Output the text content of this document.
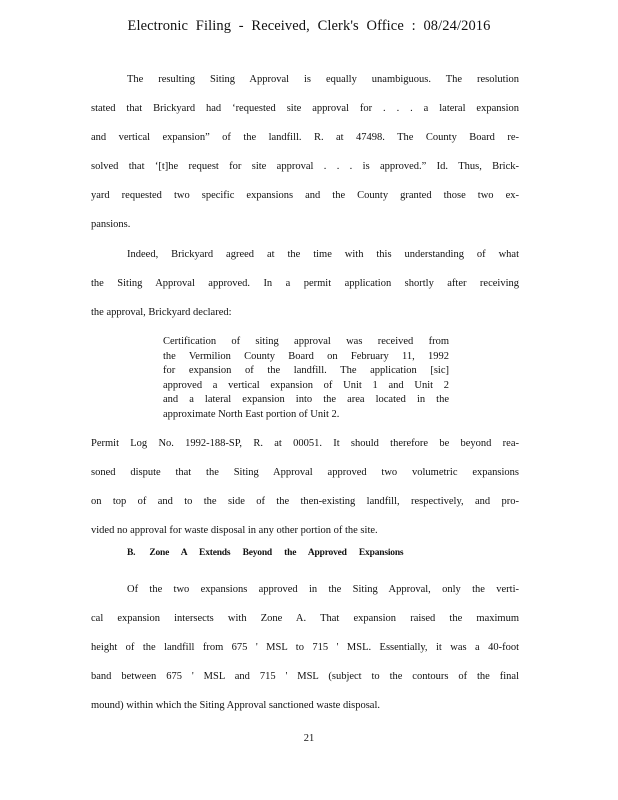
Electronic Filing - Received, Clerk's Office : 08/24/2016
The resulting Siting Approval is equally unambiguous. The resolution
stated that Brickyard had ‘requested site approval for . . . a lateral expansion
and vertical expansion” of the landfill. R. at 47498. The County Board re-
solved that ‘[t]he request for site approval . . . is approved.” Id. Thus, Brick-
yard requested two specific expansions and the County granted those two ex-
pansions.
Indeed, Brickyard agreed at the time with this understanding of what
the Siting Approval approved. In a permit application shortly after receiving
the approval, Brickyard declared:
Certification of siting approval was received from
the Vermilion County Board on February 11, 1992
for expansion of the landfill. The application [sic]
approved a vertical expansion of Unit 1 and Unit 2
and a lateral expansion into the area located in the
approximate North East portion of Unit 2.
Permit Log No. 1992-188-SP, R. at 00051. It should therefore be beyond rea-
soned dispute that the Siting Approval approved two volumetric expansions
on top of and to the side of the then-existing landfill, respectively, and pro-
vided no approval for waste disposal in any other portion of the site.
B. Zone A Extends Beyond the Approved Expansions
Of the two expansions approved in the Siting Approval, only the verti-
cal expansion intersects with Zone A. That expansion raised the maximum
height of the landfill from 675 ' MSL to 715 ' MSL. Essentially, it was a 40-foot
band between 675 ' MSL and 715 ' MSL (subject to the contours of the final
mound) within which the Siting Approval sanctioned waste disposal.
21
